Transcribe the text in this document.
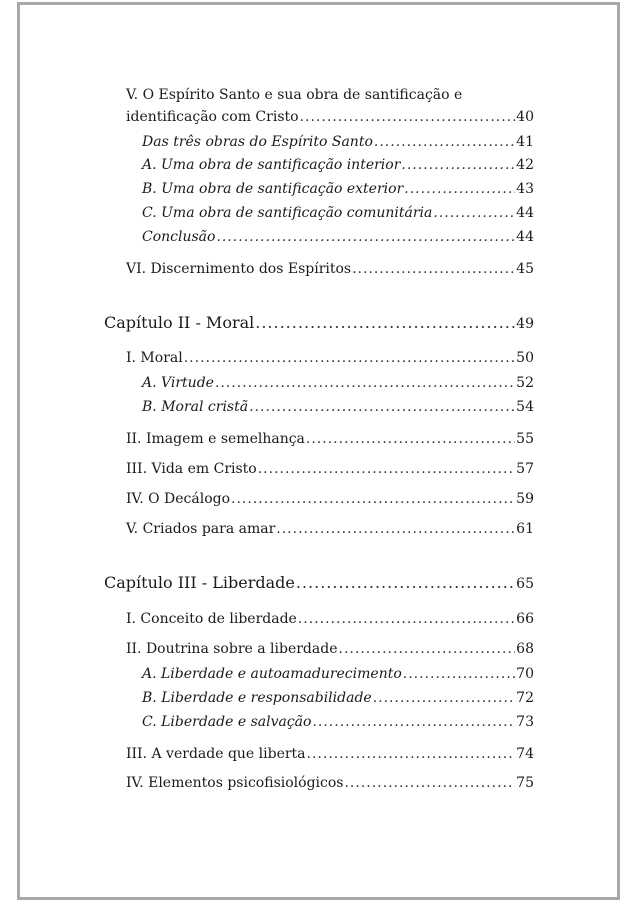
V. O Espírito Santo e sua obra de santificação e
identificação com Cristo .....	40
Das três obras do Espírito Santo .....	41
A. Uma obra de santificação interior .....	42
B. Uma obra de santificação exterior .....	43
C. Uma obra de santificação comunitária .....	44
Conclusão .....	44
VI. Discernimento dos Espíritos .....	45
Capítulo II - Moral .....	49
I. Moral .....	50
A. Virtude .....	52
B. Moral cristã .....	54
II. Imagem e semelhança .....	55
III. Vida em Cristo .....	57
IV. O Decálogo .....	59
V. Criados para amar .....	61
Capítulo III - Liberdade .....	65
I. Conceito de liberdade .....	66
II. Doutrina sobre a liberdade .....	68
A. Liberdade e autoamadurecimento .....	70
B. Liberdade e responsabilidade .....	72
C. Liberdade e salvação .....	73
III. A verdade que liberta .....	74
IV. Elementos psicofisiológicos .....	75
